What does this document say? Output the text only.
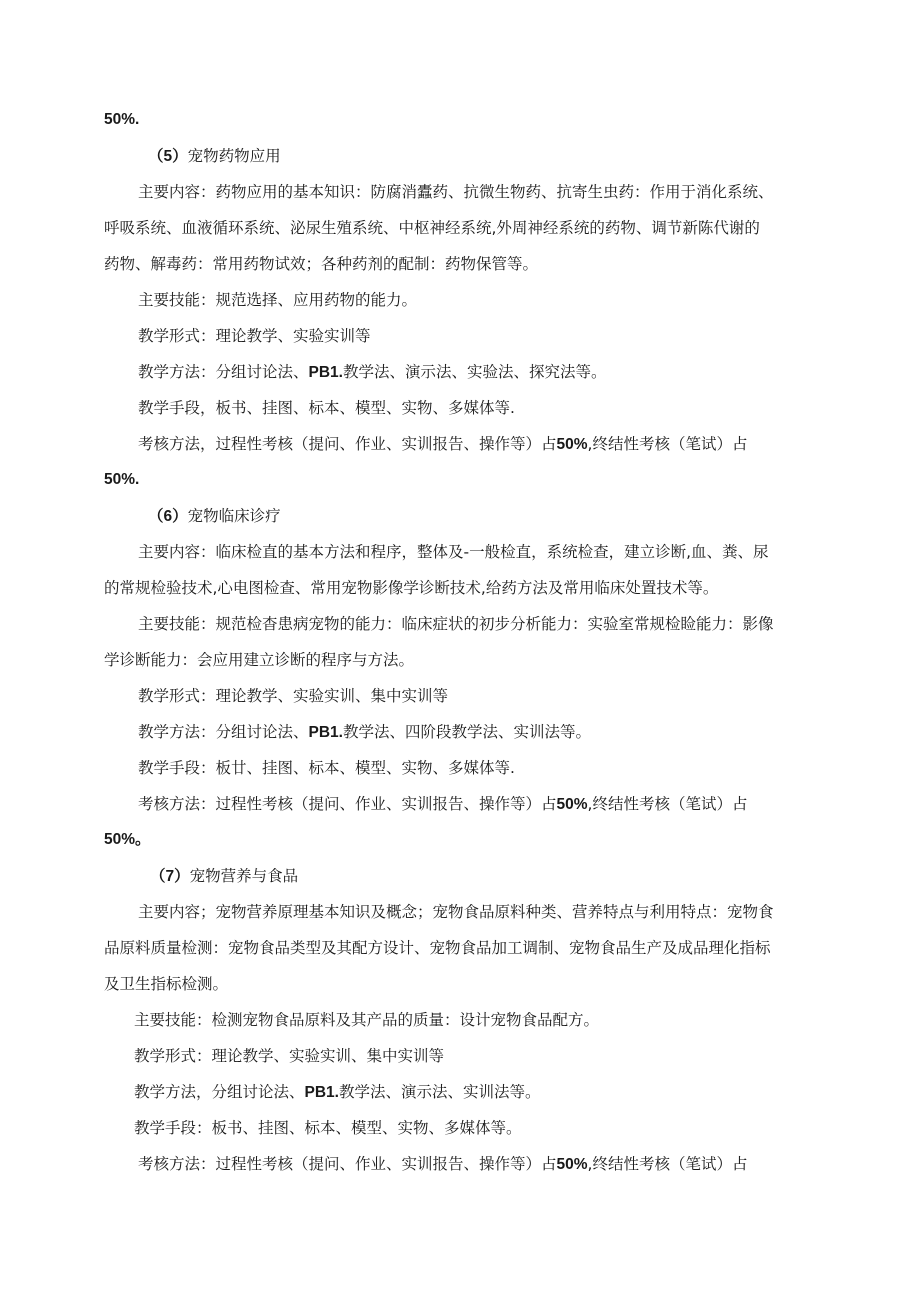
50%.
（5）宠物药物应用
主要内容：药物应用的基本知识：防腐消蠹药、抗微生物药、抗寄生虫药：作用于消化系统、
呼吸系统、血液循环系统、泌尿生殖系统、中枢神经系统,外周神经系统的药物、调节新陈代谢的
药物、解毒药：常用药物试效；各种药剂的配制：药物保管等。
主要技能：规范选择、应用药物的能力。
教学形式：理论教学、实验实训等
教学方法：分组讨论法、PB1.教学法、演示法、实验法、探究法等。
教学手段，板书、挂图、标本、模型、实物、多媒体等.
考核方法，过程性考核（提问、作业、实训报告、操作等）占50%,终结性考核（笔试）占
50%.
（6）宠物临床诊疗
主要内容：临床检直的基本方法和程序，整体及-一般检直，系统检查，建立诊断,血、粪、尿
的常规检验技术,心电图检查、常用宠物影像学诊断技术,给药方法及常用临床处置技术等。
主要技能：规范检杳患病宠物的能力：临床症状的初步分析能力：实验室常规检睑能力：影像
学诊断能力：会应用建立诊断的程序与方法。
教学形式：理论教学、实验实训、集中实训等
教学方法：分组讨论法、PB1.教学法、四阶段教学法、实训法等。
教学手段：板廿、挂图、标本、模型、实物、多媒体等.
考核方法：过程性考核（提问、作业、实训报告、操作等）占50%,终结性考核（笔试）占
50%。
（7）宠物营养与食品
主要内容；宠物营养原理基本知识及概念；宠物食品原料种类、营养特点与利用特点：宠物食
品原料质量检测：宠物食品类型及其配方设计、宠物食品加工调制、宠物食品生产及成品理化指标
及卫生指标检测。
主要技能：检测宠物食品原料及其产品的质量：设计宠物食品配方。
教学形式：理论教学、实验实训、集中实训等
教学方法，分组讨论法、PB1.教学法、演示法、实训法等。
教学手段：板书、挂图、标本、模型、实物、多媒体等。
考核方法：过程性考核（提问、作业、实训报告、操作等）占50%,终结性考核（笔试）占
